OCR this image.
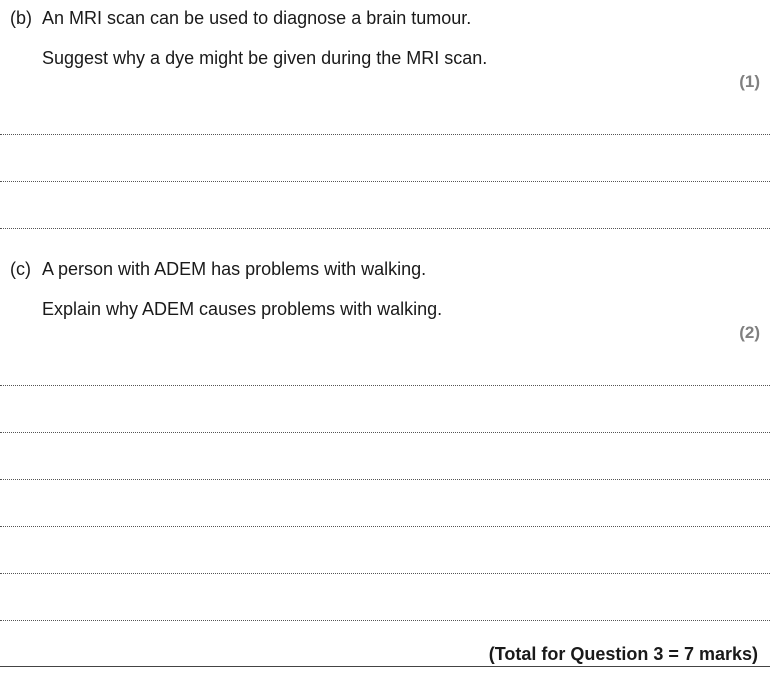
(b) An MRI scan can be used to diagnose a brain tumour.
Suggest why a dye might be given during the MRI scan.
(1)
(c) A person with ADEM has problems with walking.
Explain why ADEM causes problems with walking.
(2)
(Total for Question 3 = 7 marks)
